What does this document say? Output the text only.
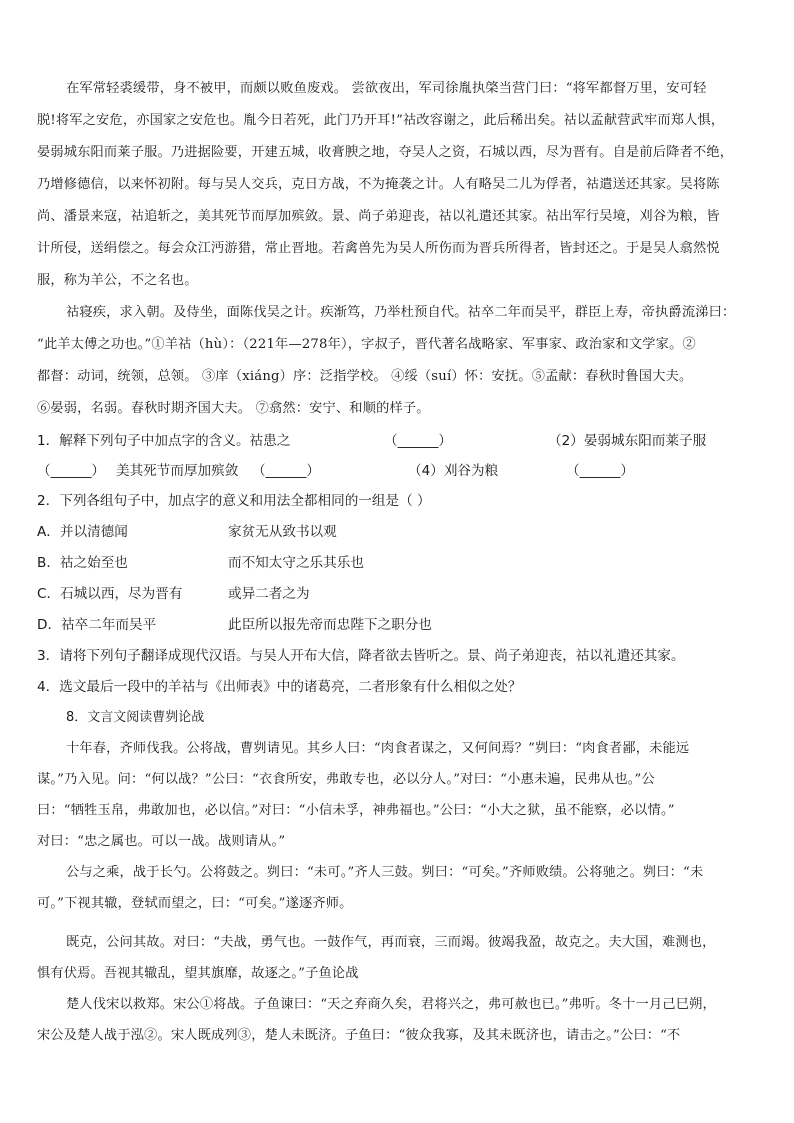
在军常轻裘缓带，身不被甲，而颇以败鱼废戏。 尝欲夜出，军司徐胤执棨当营门曰：“将军都督万里，安可轻
脱!将军之安危，亦国家之安危也。胤今日若死，此门乃开耳!”祜改容谢之，此后稀出矣。祜以孟献营武牢而郑人惧，
晏弱城东阳而莱子服。乃进据险要，开建五城，收膏腴之地，夺吴人之资，石城以西，尽为晋有。自是前后降者不绝，
乃增修德信，以来怀初附。每与吴人交兵，克日方战，不为掩袭之计。人有略吴二儿为俘者，祜遣送还其家。吴将陈
尚、潘景来寇，祜追斩之，美其死节而厚加殡敛。景、尚子弟迎丧，祜以礼遣还其家。祜出军行吴境，刈谷为粮，皆
计所侵，送绢偿之。每会众江沔游猎，常止晋地。若禽兽先为吴人所伤而为晋兵所得者，皆封还之。于是吴人翕然悦
服，称为羊公，不之名也。
祜寝疾，求入朝。及侍坐，面陈伐吴之计。疾渐笃，乃举杜预自代。祜卒二年而吴平，群臣上寿，帝执爵流涕曰：
“此羊太傅之功也。”①羊祜（hù）：（221年—278年），字叔子，晋代著名战略家、军事家、政治家和文学家。②
都督：动词，统领，总领。 ③庠（xiáng）序：泛指学校。 ④绥（suí）怀：安抚。⑤孟献：春秋时鲁国大夫。
⑥晏弱，名弱。春秋时期齐国大夫。 ⑦翕然：安宁、和顺的样子。
1．解释下列句子中加点字的含义。祜患之	（______）	（2）晏弱城东阳而莱子服
（______） 美其死节而厚加殡敛 （______）	（4）刈谷为粮	（______）
2．下列各组句子中，加点字的意义和用法全都相同的一组是（ ）
A．并以清德闻	家贫无从致书以观
B．祜之始至也	而不知太守之乐其乐也
C．石城以西，尽为晋有	或异二者之为
D．祜卒二年而吴平	此臣所以报先帝而忠陛下之职分也
3．请将下列句子翻译成现代汉语。与吴人开布大信，降者欲去皆听之。景、尚子弟迎丧，祜以礼遣还其家。
4．选文最后一段中的羊祜与《出师表》中的诸葛亮，二者形象有什么相似之处？
8．文言文阅读曹刿论战
十年春，齐师伐我。公将战，曹刿请见。其乡人曰：“肉食者谋之，又何间焉？”刿曰：“肉食者鄙，未能远
谋。”乃入见。问：“何以战？”公曰：“衣食所安，弗敢专也，必以分人。”对曰：“小惠未遍，民弗从也。”公
曰：“牺牲玉帛，弗敢加也，必以信。”对曰：“小信未孚，神弗福也。”公曰：“小大之狱，虽不能察，必以情。”
对曰：“忠之属也。可以一战。战则请从。”
公与之乘，战于长勺。公将鼓之。刿曰：“未可。”齐人三鼓。刿曰：“可矣。”齐师败绩。公将驰之。刿曰：“未
可。”下视其辙，登轼而望之，曰：“可矣。”遂逐齐师。
既克，公问其故。对曰：“夫战，勇气也。一鼓作气，再而衰，三而竭。彼竭我盈，故克之。夫大国，难测也，
惧有伏焉。吾视其辙乱，望其旗靡，故逐之。”子鱼论战
楚人伐宋以救郑。宋公①将战。子鱼谏曰：“天之弃商久矣，君将兴之，弗可赦也已。”弗听。冬十一月己巳朔，
宋公及楚人战于泓②。宋人既成列③，楚人未既济。子鱼曰：“彼众我寡，及其未既济也，请击之。”公曰：“不
